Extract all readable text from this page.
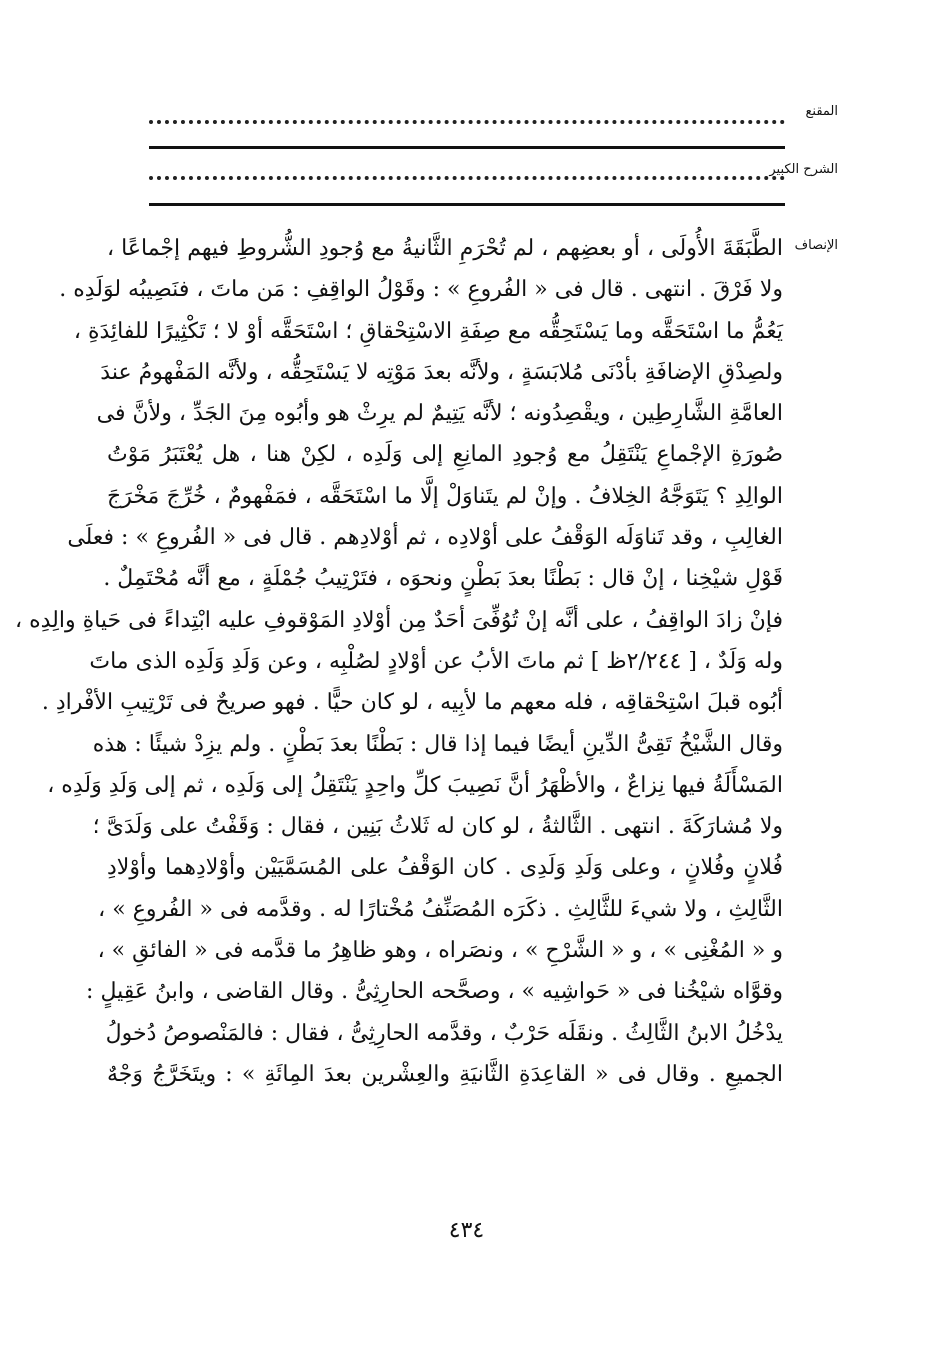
المقنع
الشرح الكبير
الإنصاف
الطَّبَقَةَ الأُولَى ، أو بعضِهم ، لم تُحْرَمِ الثَّانيةُ مع وُجودِ الشُّروطِ فيهم إجْماعًا ،
ولا فَرْقَ . انتهى . قال فى « الفُروعِ » : وقَوْلُ الواقِفِ : مَن ماتَ ، فنَصِيبُه لوَلَدِه .
يَعُمُّ ما اسْتَحَقَّه وما يَسْتَحِقُّه مع صِفَةِ الاسْتِحْقاقِ ؛ اسْتَحَقَّه أوْ لا ؛ تَكْثِيرًا للفائِدَةِ ،
ولصِدْقِ الإضافَةِ بأدْنَى مُلابَسَةٍ ، ولأنَّه بعدَ مَوْتِه لا يَسْتَحِقُّه ، ولأنَّه المَفْهومُ عندَ
العامَّةِ الشَّارِطِين ، ويقْصِدُونه ؛ لأنَّه يَتِيمٌ لم يرِثْ هو وأبُوه مِنَ الجَدِّ ، ولأنَّ فى
صُورَةِ الإجْماعِ يَنْتَقِلُ مع وُجودِ المانِعِ إلى وَلَدِه ، لكِنْ هنا ، هل يُعْتَبَرُ مَوْتُ
الوالِدِ ؟ يَتَوَجَّهُ الخِلافُ . وإنْ لم يتَناوَلْ إلَّا ما اسْتَحَقَّه ، فمَفْهومٌ ، خُرِّجَ مَخْرَجَ
الغالِبِ ، وقد تَناوَلَه الوَقْفُ على أوْلادِه ، ثم أوْلادِهم . قال فى « الفُروعِ » : فعلَى
قَوْلِ شيْخِنا ، إنْ قال : بَطْنًا بعدَ بَطْنٍ ونحوَه ، فتَرْتِيبُ جُمْلَةٍ ، مع أنَّه مُحْتَمِلٌ .
فإنْ زادَ الواقِفُ ، على أنَّه إنْ تُوُفِّىَ أحَدٌ مِن أوْلادِ المَوْقوفِ عليه ابْتِداءً فى حَياةِ والِدِه ،
وله وَلَدٌ ، [ ٢/٢٤٤ظ ] ثم ماتَ الأبُ عن أوْلادٍ لصُلْبِه ، وعن وَلَدِ وَلَدِه الذى ماتَ
أبُوه قبلَ اسْتِحْقاقِه ، فله معهم ما لأبِيه ، لو كان حيًّا . فهو صريحٌ فى تَرْتِيبِ الأفْرادِ .
وقال الشَّيْخُ تَقِىُّ الدِّينِ أيضًا فيما إذا قال : بَطْنًا بعدَ بَطْنٍ . ولم يزِدْ شيئًا : هذه
المَسْأَلَةُ فيها نِزاعٌ ، والأظْهَرُ أنَّ نَصِيبَ كلِّ واحِدٍ يَنْتَقِلُ إلى وَلَدِه ، ثم إلى وَلَدِ وَلَدِه ،
ولا مُشارَكَةَ . انتهى . الثَّالثةُ ، لو كان له ثَلاثُ بَنِين ، فقال : وَقَفْتُ على وَلَدَىَّ ؛
فُلانٍ وفُلانٍ ، وعلى وَلَدِ وَلَدِى . كان الوَقْفُ على المُسَمَّيَيْن وأوْلادِهما وأوْلادِ
الثَّالِثِ ، ولا شيءَ للثَّالِثِ . ذكَرَه المُصَنِّفُ مُخْتارًا له . وقدَّمه فى « الفُروعِ » ،
و « المُغْنِى » ، و « الشَّرْحِ » ، ونصَراه ، وهو ظاهِرُ ما قدَّمه فى « الفائقِ » ،
وقوَّاه شيْخُنا فى « حَواشِيه » ، وصحَّحه الحارِثِىُّ . وقال القاضى ، وابنُ عَقِيلٍ :
يدْخُلُ الابنُ الثَّالِثُ . ونقَلَه حَرْبٌ ، وقدَّمه الحارِثِىُّ ، فقال : فالمَنْصوصُ دُخولُ
الجميعِ . وقال فى « القاعِدَةِ الثَّانيَةِ والعِشْرين بعدَ المِائَةِ » : ويتَخَرَّجُ وَجْهٌ
٤٣٤
